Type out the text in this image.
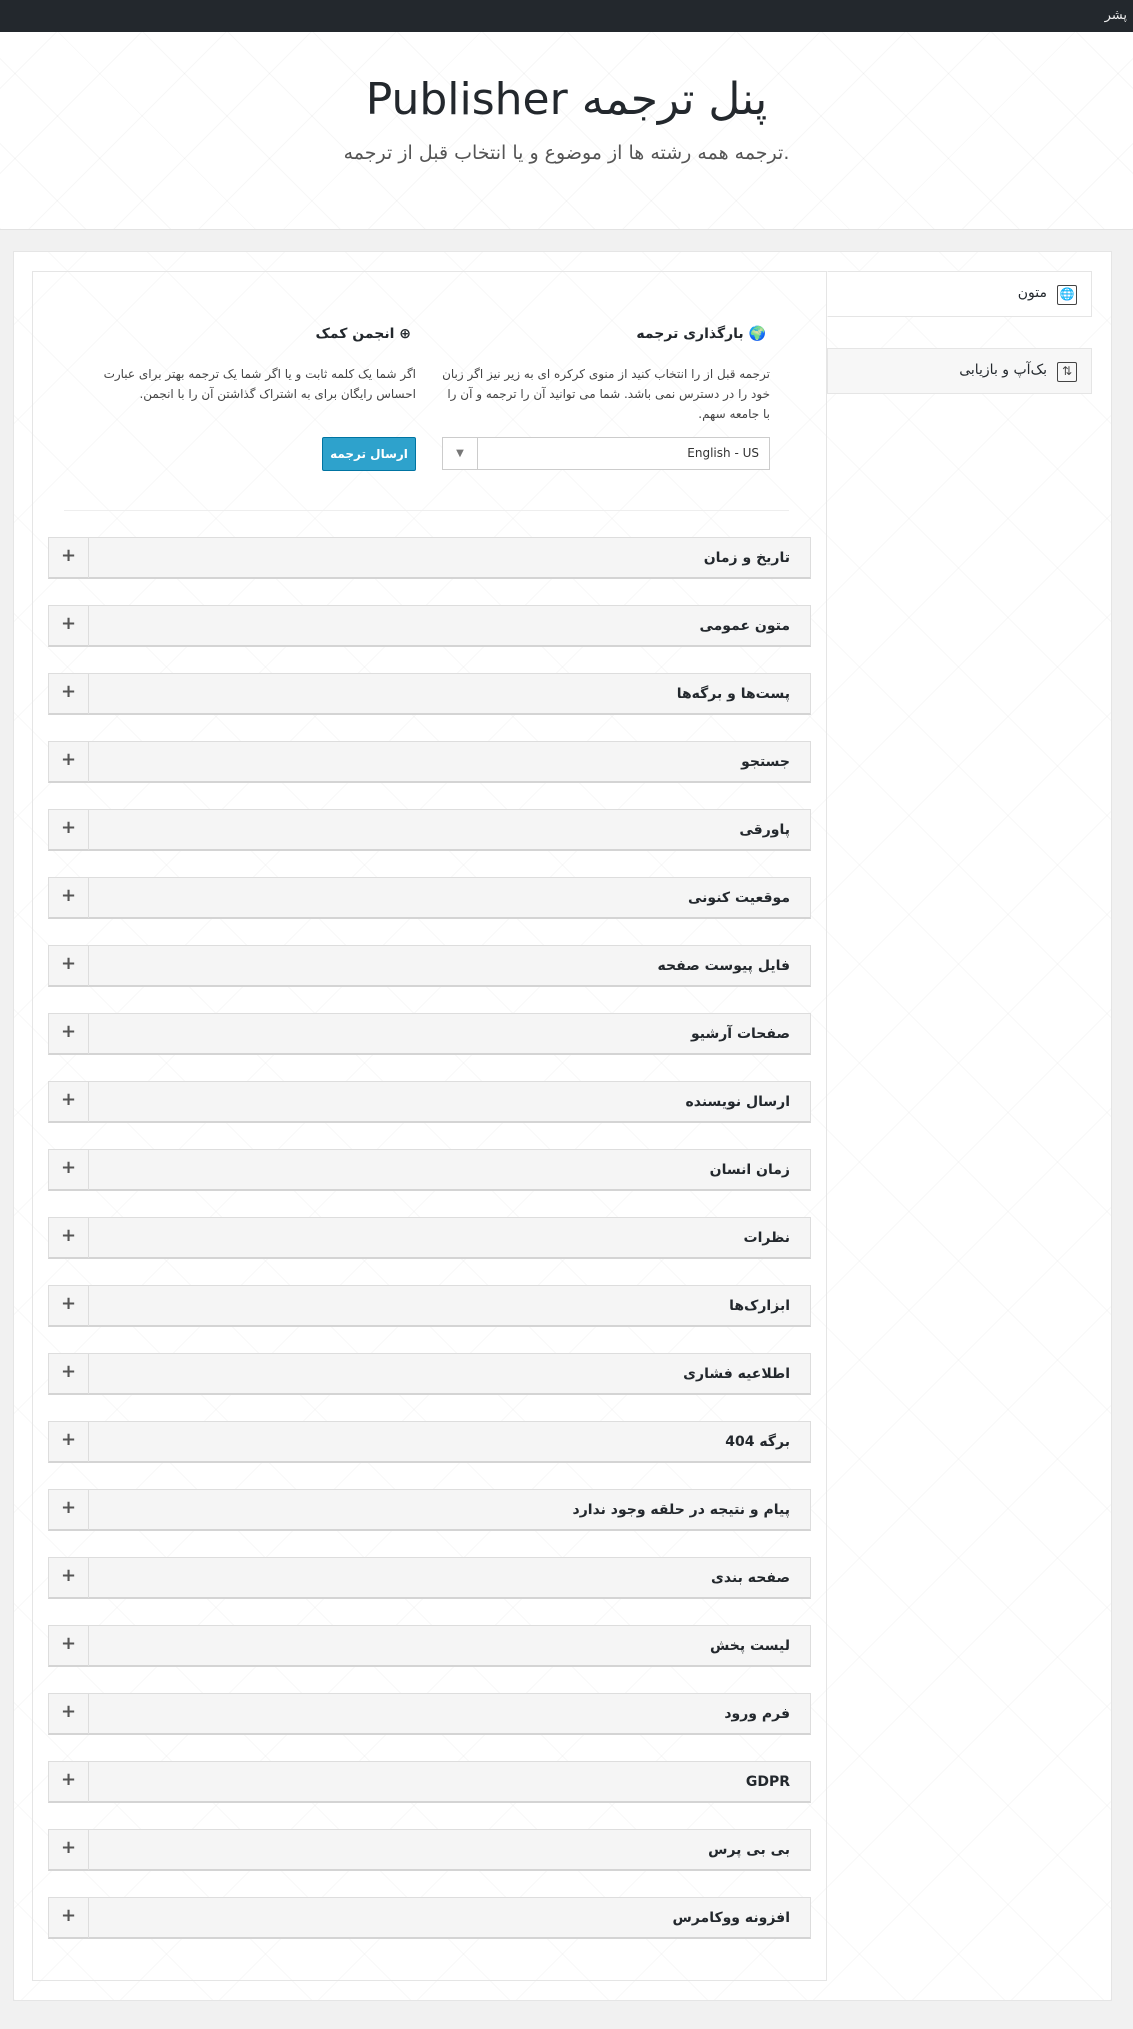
پشر
Publisher پنل ترجمه

ترجمه همه رشته ها از موضوع و یا انتخاب قبل از ترجمه.

🌐
متون
⇅
بک‌آپ و بازیابی
🌍 بارگذاری ترجمه

ترجمه قبل از را انتخاب کنید از منوی کرکره ای به زیر نیز اگر زبان خود را در دسترس نمی باشد. شما می توانید آن را ترجمه و آن را با جامعه سهم.

▼	English - US
⊕ انجمن کمک

اگر شما یک کلمه ثابت و یا اگر شما یک ترجمه بهتر برای عبارت احساس رایگان برای به اشتراک گذاشتن آن را با انجمن.

ارسال ترجمه
+	تاریخ و زمان
+	متون عمومی
+	پست‌ها و برگه‌ها
+	جستجو
+	پاورقی
+	موقعیت کنونی
+	فایل پیوست صفحه
+	صفحات آرشیو
+	ارسال نویسنده
+	زمان انسان
+	نظرات
+	ابزارک‌ها
+	اطلاعیه فشاری
+	برگه 404
+	پیام و نتیجه در حلقه وجود ندارد
+	صفحه بندی
+	لیست پخش
+	فرم ورود
+	GDPR
+	بی بی پرس
+	افزونه ووکامرس
